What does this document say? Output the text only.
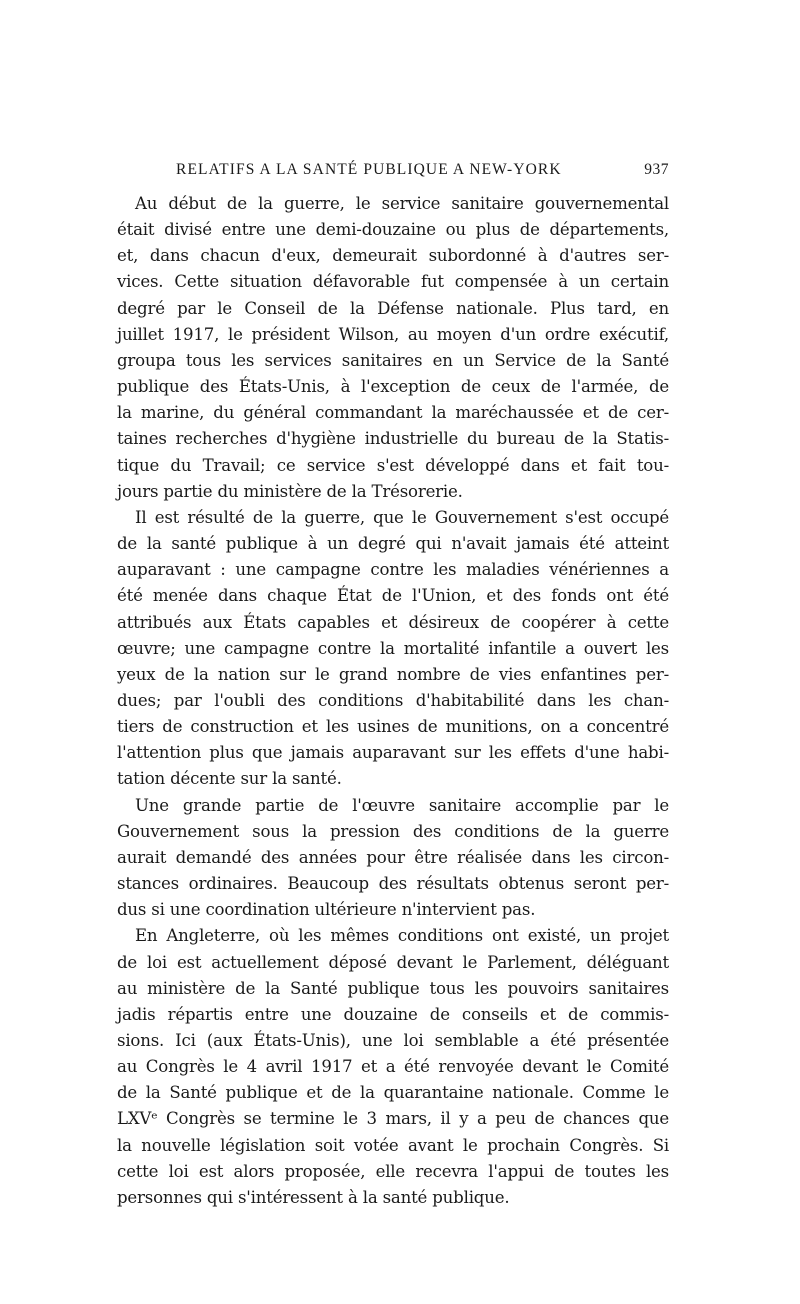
RELATIFS A LA SANTÉ PUBLIQUE A NEW-YORK	937
Au début de la guerre, le service sanitaire gouvernemental
était divisé entre une demi-douzaine ou plus de départements,
et, dans chacun d'eux, demeurait subordonné à d'autres ser-
vices. Cette situation défavorable fut compensée à un certain
degré par le Conseil de la Défense nationale. Plus tard, en
juillet 1917, le président Wilson, au moyen d'un ordre exécutif,
groupa tous les services sanitaires en un Service de la Santé
publique des États-Unis, à l'exception de ceux de l'armée, de
la marine, du général commandant la maréchaussée et de cer-
taines recherches d'hygiène industrielle du bureau de la Statis-
tique du Travail; ce service s'est développé dans et fait tou-
jours partie du ministère de la Trésorerie.
Il est résulté de la guerre, que le Gouvernement s'est occupé
de la santé publique à un degré qui n'avait jamais été atteint
auparavant : une campagne contre les maladies vénériennes a
été menée dans chaque État de l'Union, et des fonds ont été
attribués aux États capables et désireux de coopérer à cette
œuvre; une campagne contre la mortalité infantile a ouvert les
yeux de la nation sur le grand nombre de vies enfantines per-
dues; par l'oubli des conditions d'habitabilité dans les chan-
tiers de construction et les usines de munitions, on a concentré
l'attention plus que jamais auparavant sur les effets d'une habi-
tation décente sur la santé.
Une grande partie de l'œuvre sanitaire accomplie par le
Gouvernement sous la pression des conditions de la guerre
aurait demandé des années pour être réalisée dans les circon-
stances ordinaires. Beaucoup des résultats obtenus seront per-
dus si une coordination ultérieure n'intervient pas.
En Angleterre, où les mêmes conditions ont existé, un projet
de loi est actuellement déposé devant le Parlement, déléguant
au ministère de la Santé publique tous les pouvoirs sanitaires
jadis répartis entre une douzaine de conseils et de commis-
sions. Ici (aux États-Unis), une loi semblable a été présentée
au Congrès le 4 avril 1917 et a été renvoyée devant le Comité
de la Santé publique et de la quarantaine nationale. Comme le
LXVᵉ Congrès se termine le 3 mars, il y a peu de chances que
la nouvelle législation soit votée avant le prochain Congrès. Si
cette loi est alors proposée, elle recevra l'appui de toutes les
personnes qui s'intéressent à la santé publique.
